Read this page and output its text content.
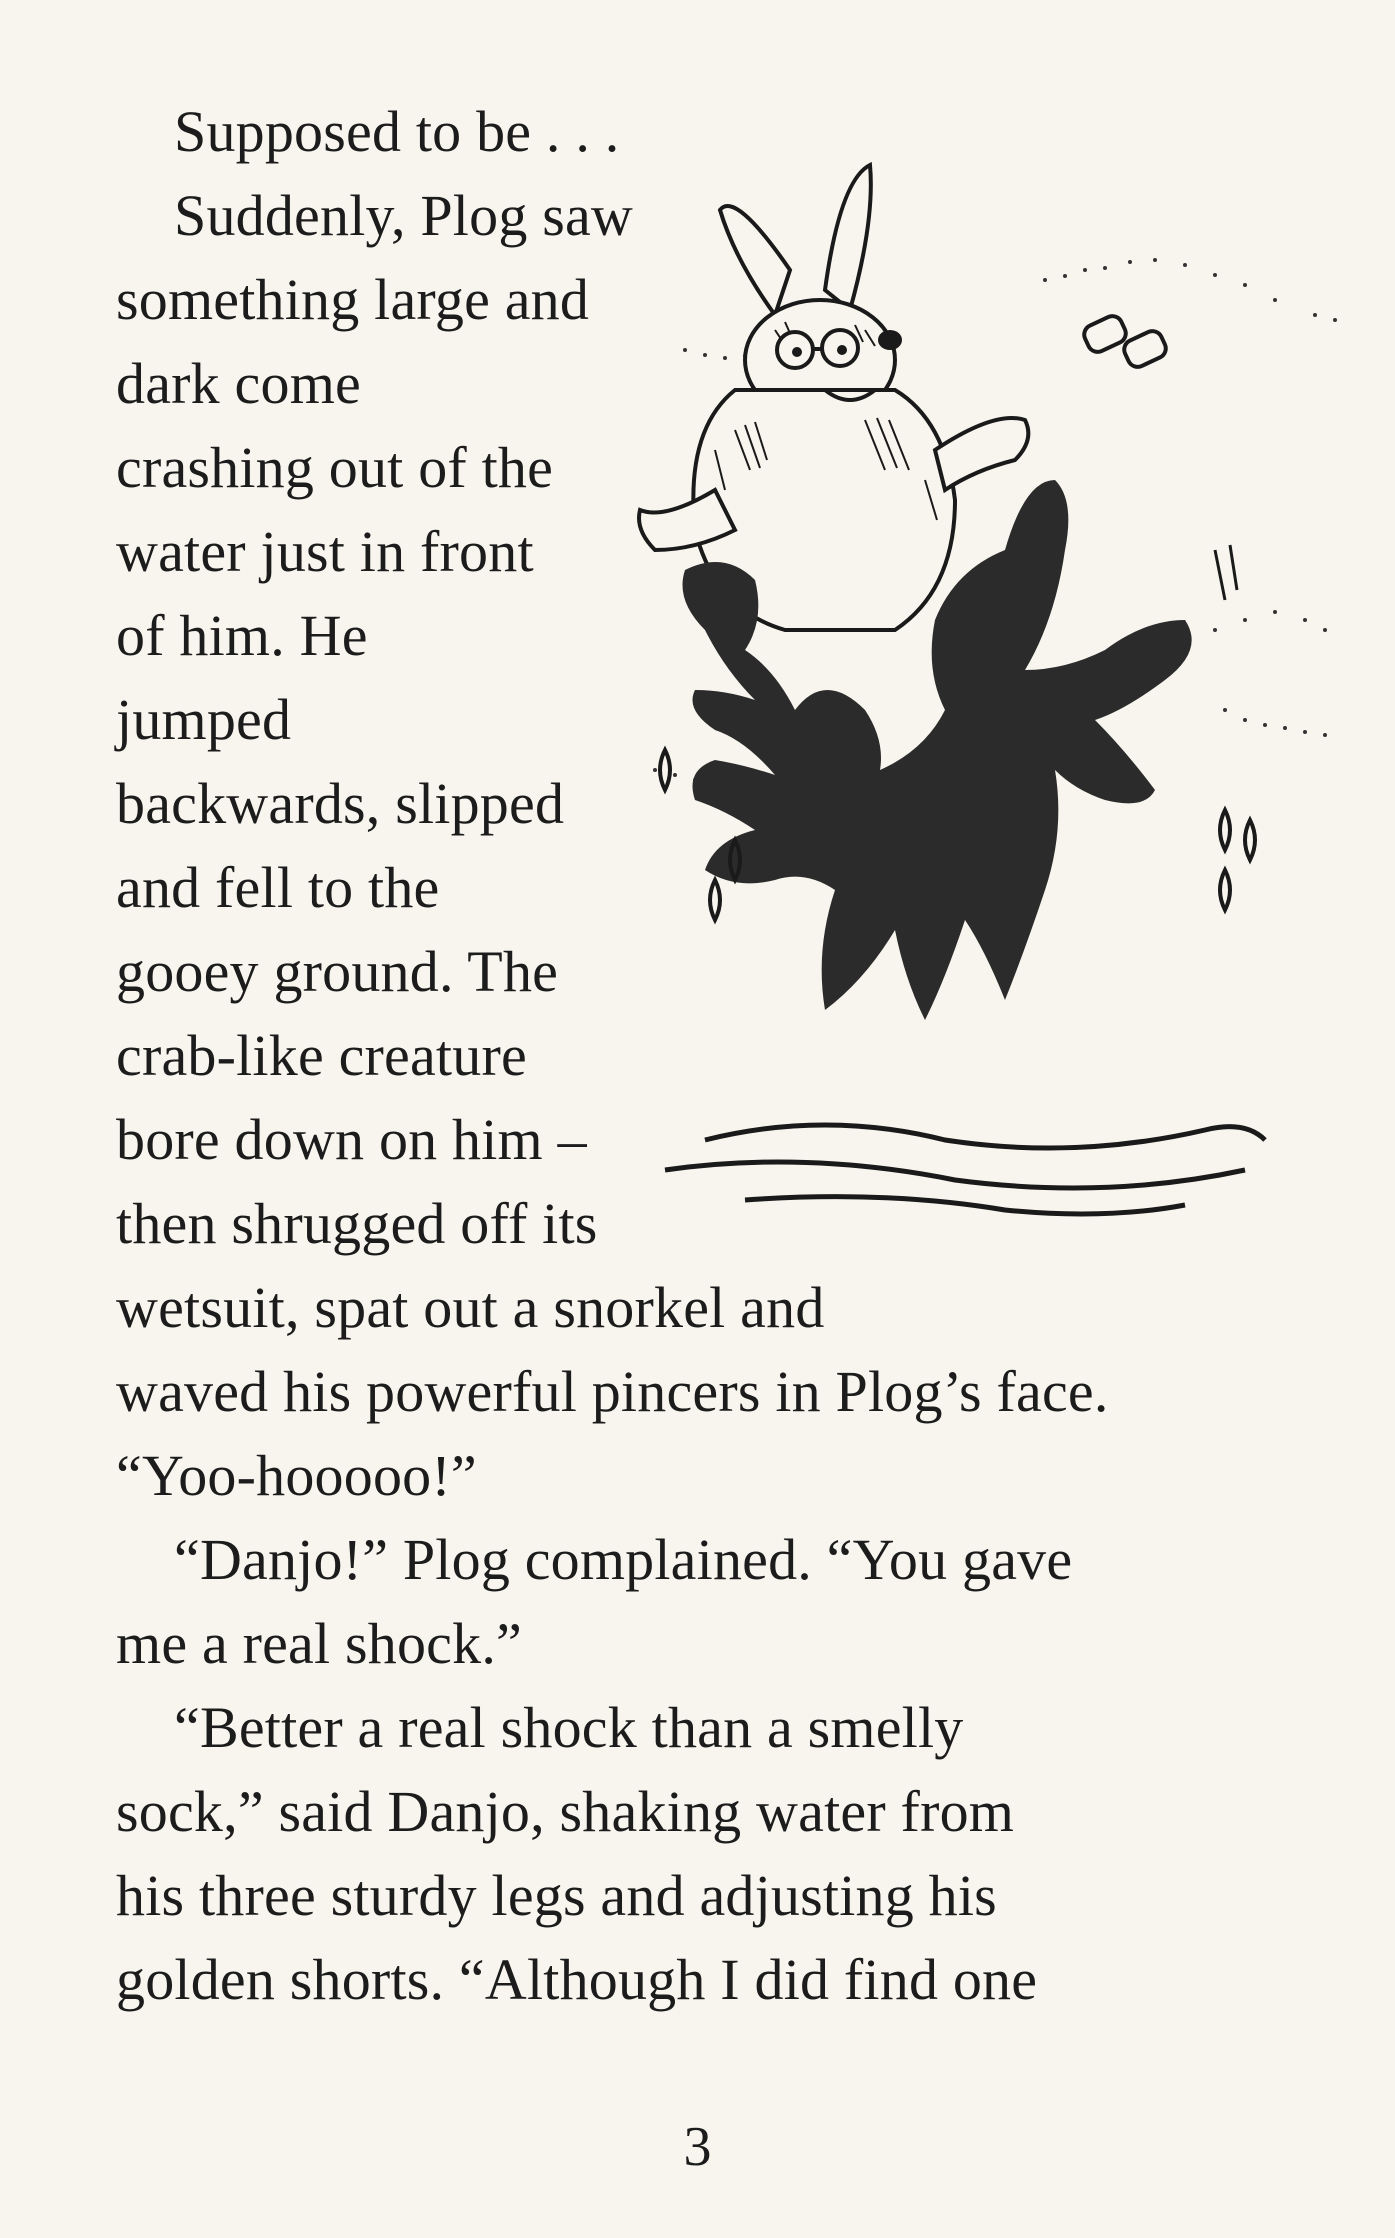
Supposed to be . . .
Suddenly, Plog saw
something large and
dark come
crashing out of the
water just in front
of him. He
jumped
backwards, slipped
and fell to the
gooey ground. The
crab-like creature
bore down on him –
then shrugged off its
wetsuit, spat out a snorkel and
waved his powerful pincers in Plog’s face.
“Yoo-hooooo!”
“Danjo!” Plog complained. “You gave
me a real shock.”
“Better a real shock than a smelly
sock,” said Danjo, shaking water from
his three sturdy legs and adjusting his
golden shorts. “Although I did find one
3
